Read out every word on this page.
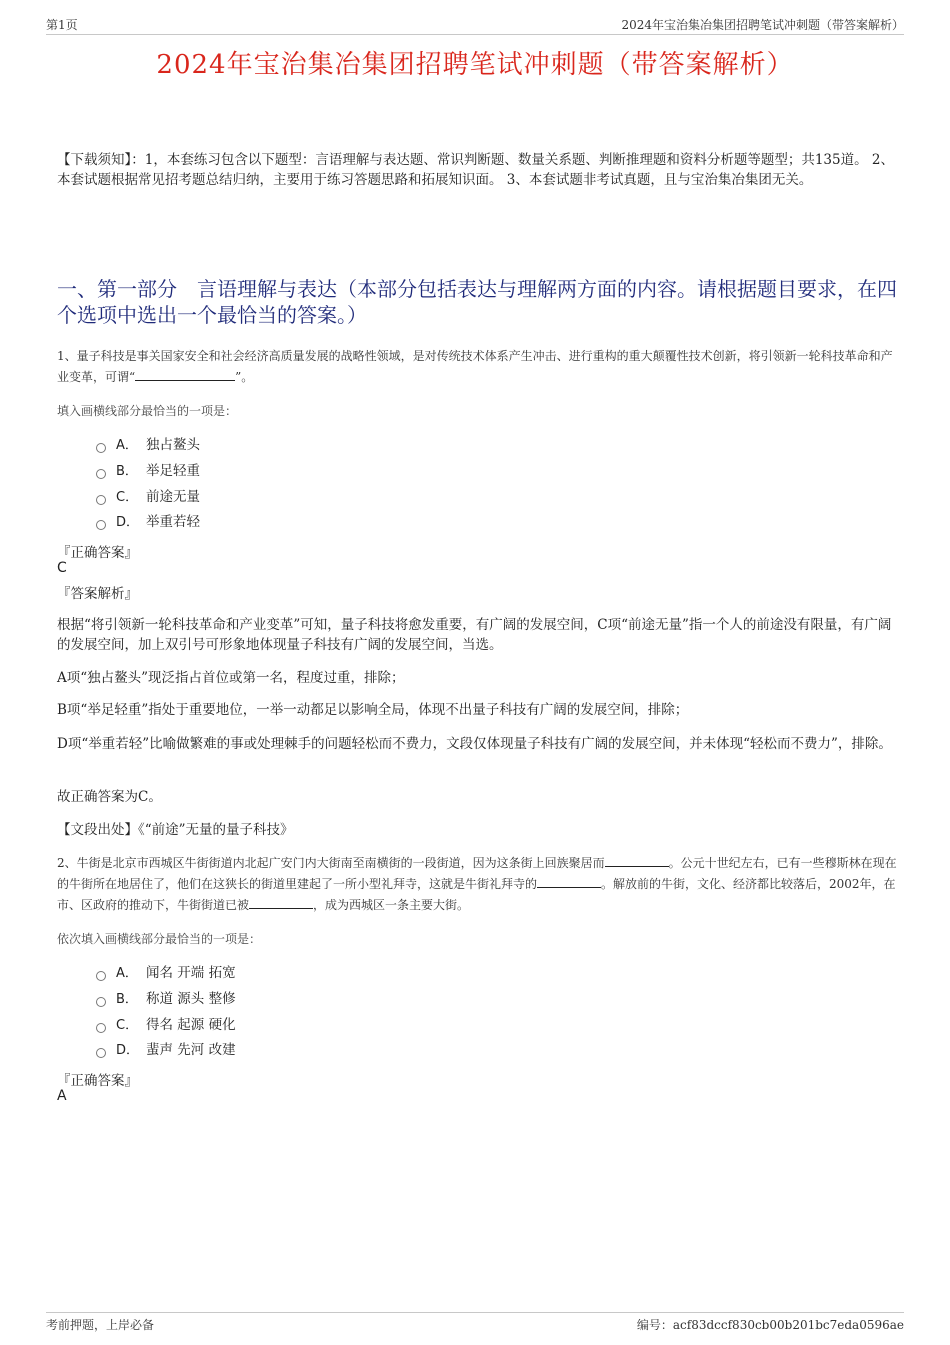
第1页	2024年宝治集冶集团招聘笔试冲刺题（带答案解析）
2024年宝治集冶集团招聘笔试冲刺题（带答案解析）
【下载须知】：1，本套练习包含以下题型：言语理解与表达题、常识判断题、数量关系题、判断推理题和资料分析题等题型；共135道。 2、本套试题根据常见招考题总结归纳，主要用于练习答题思路和拓展知识面。 3、本套试题非考试真题，且与宝治集冶集团无关。
一、第一部分　言语理解与表达（本部分包括表达与理解两方面的内容。请根据题目要求，在四个选项中选出一个最恰当的答案。）
1、量子科技是事关国家安全和社会经济高质量发展的战略性领域，是对传统技术体系产生冲击、进行重构的重大颠覆性技术创新，将引领新一轮科技革命和产业变革，可谓“	”。
填入画横线部分最恰当的一项是：
A． 独占鳌头
B． 举足轻重
C． 前途无量
D． 举重若轻
『正确答案』
C
『答案解析』
根据“将引领新一轮科技革命和产业变革”可知，量子科技将愈发重要，有广阔的发展空间，C项“前途无量”指一个人的前途没有限量，有广阔的发展空间，加上双引号可形象地体现量子科技有广阔的发展空间，当选。
A项“独占鳌头”现泛指占首位或第一名，程度过重，排除；
B项“举足轻重”指处于重要地位，一举一动都足以影响全局，体现不出量子科技有广阔的发展空间，排除；
D项“举重若轻”比喻做繁难的事或处理棘手的问题轻松而不费力，文段仅体现量子科技有广阔的发展空间，并未体现“轻松而不费力”，排除。
故正确答案为C。
【文段出处】《“前途”无量的量子科技》
2、牛街是北京市西城区牛街街道内北起广安门内大街南至南横街的一段街道，因为这条街上回族聚居而	。公元十世纪左右，已有一些穆斯林在现在的牛街所在地居住了，他们在这狭长的街道里建起了一所小型礼拜寺，这就是牛街礼拜寺的	。解放前的牛街，文化、经济都比较落后，2002年，在市、区政府的推动下，牛街街道已被	，成为西城区一条主要大街。
依次填入画横线部分最恰当的一项是：
A． 闻名 开端 拓宽
B． 称道 源头 整修
C． 得名 起源 硬化
D． 蜚声 先河 改建
『正确答案』
A
考前押题，上岸必备	编号：acf83dccf830cb00b201bc7eda0596ae
